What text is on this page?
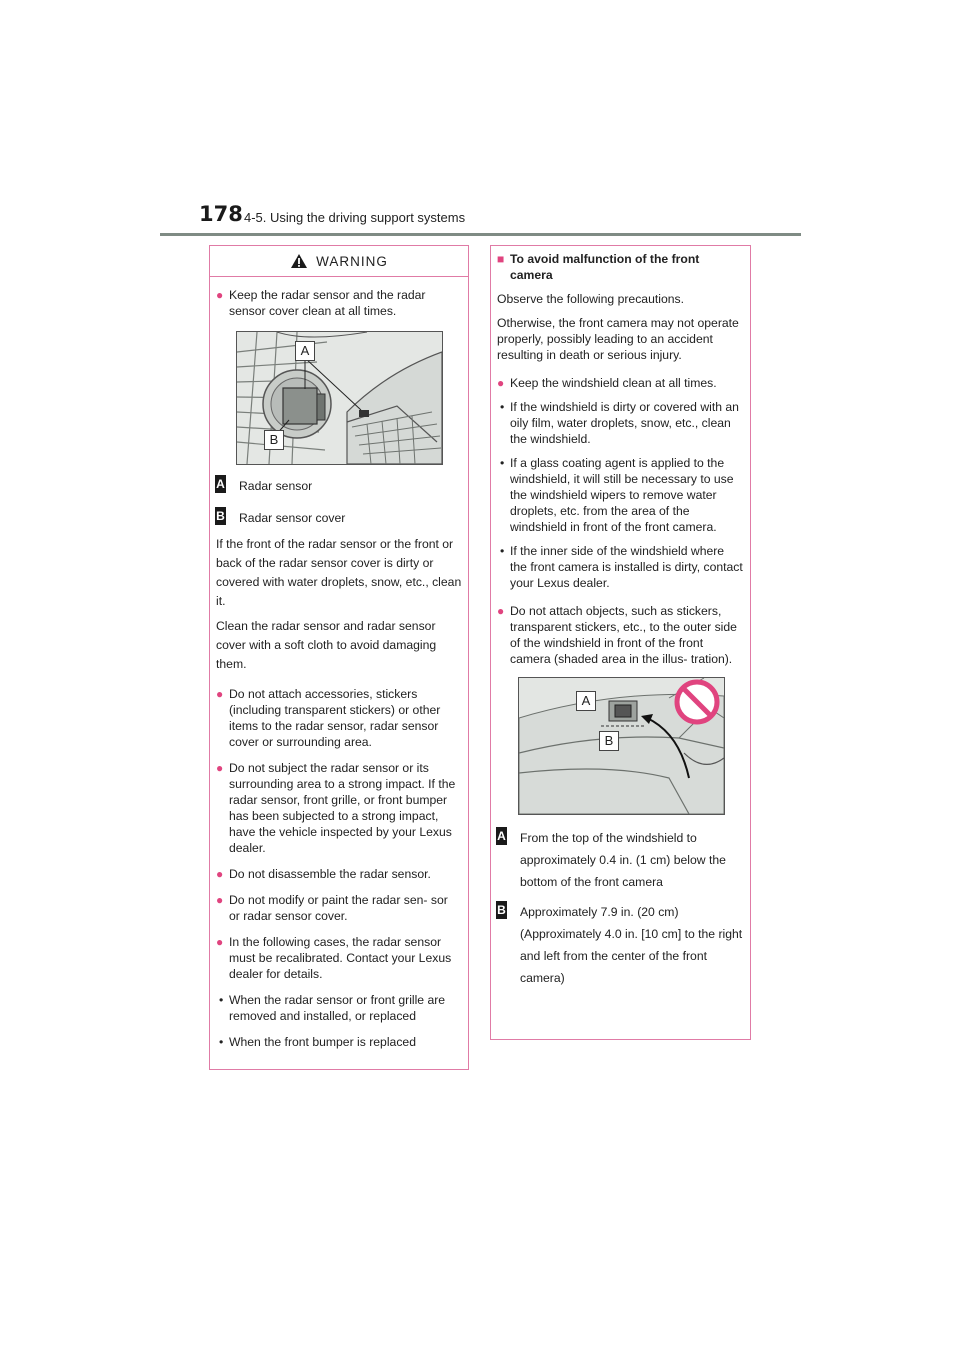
178 4-5. Using the driving support systems
WARNING
● Keep the radar sensor and the radar sensor cover clean at all times.
A
B
A Radar sensor
B Radar sensor cover
If the front of the radar sensor or the front or back of the radar sensor cover is dirty or covered with water droplets, snow, etc., clean it.
Clean the radar sensor and radar sensor cover with a soft cloth to avoid damaging them.
● Do not attach accessories, stickers (including transparent stickers) or other items to the radar sensor, radar sensor cover or surrounding area.
● Do not subject the radar sensor or its surrounding area to a strong impact. If the radar sensor, front grille, or front bumper has been subjected to a strong impact, have the vehicle inspected by your Lexus dealer.
● Do not disassemble the radar sensor.
● Do not modify or paint the radar sen- sor or radar sensor cover.
● In the following cases, the radar sensor must be recalibrated. Contact your Lexus dealer for details.
• When the radar sensor or front grille are removed and installed, or replaced
• When the front bumper is replaced
■ To avoid malfunction of the front camera
Observe the following precautions.
Otherwise, the front camera may not operate properly, possibly leading to an accident resulting in death or serious injury.
● Keep the windshield clean at all times.
• If the windshield is dirty or covered with an oily film, water droplets, snow, etc., clean the windshield.
• If a glass coating agent is applied to the windshield, it will still be necessary to use the windshield wipers to remove water droplets, etc. from the area of the windshield in front of the front camera.
• If the inner side of the windshield where the front camera is installed is dirty, contact your Lexus dealer.
● Do not attach objects, such as stickers, transparent stickers, etc., to the outer side of the windshield in front of the front camera (shaded area in the illus- tration).
A
B
A From the top of the windshield to approximately 0.4 in. (1 cm) below the bottom of the front camera
B Approximately 7.9 in. (20 cm) (Approximately 4.0 in. [10 cm] to the right and left from the center of the front camera)
